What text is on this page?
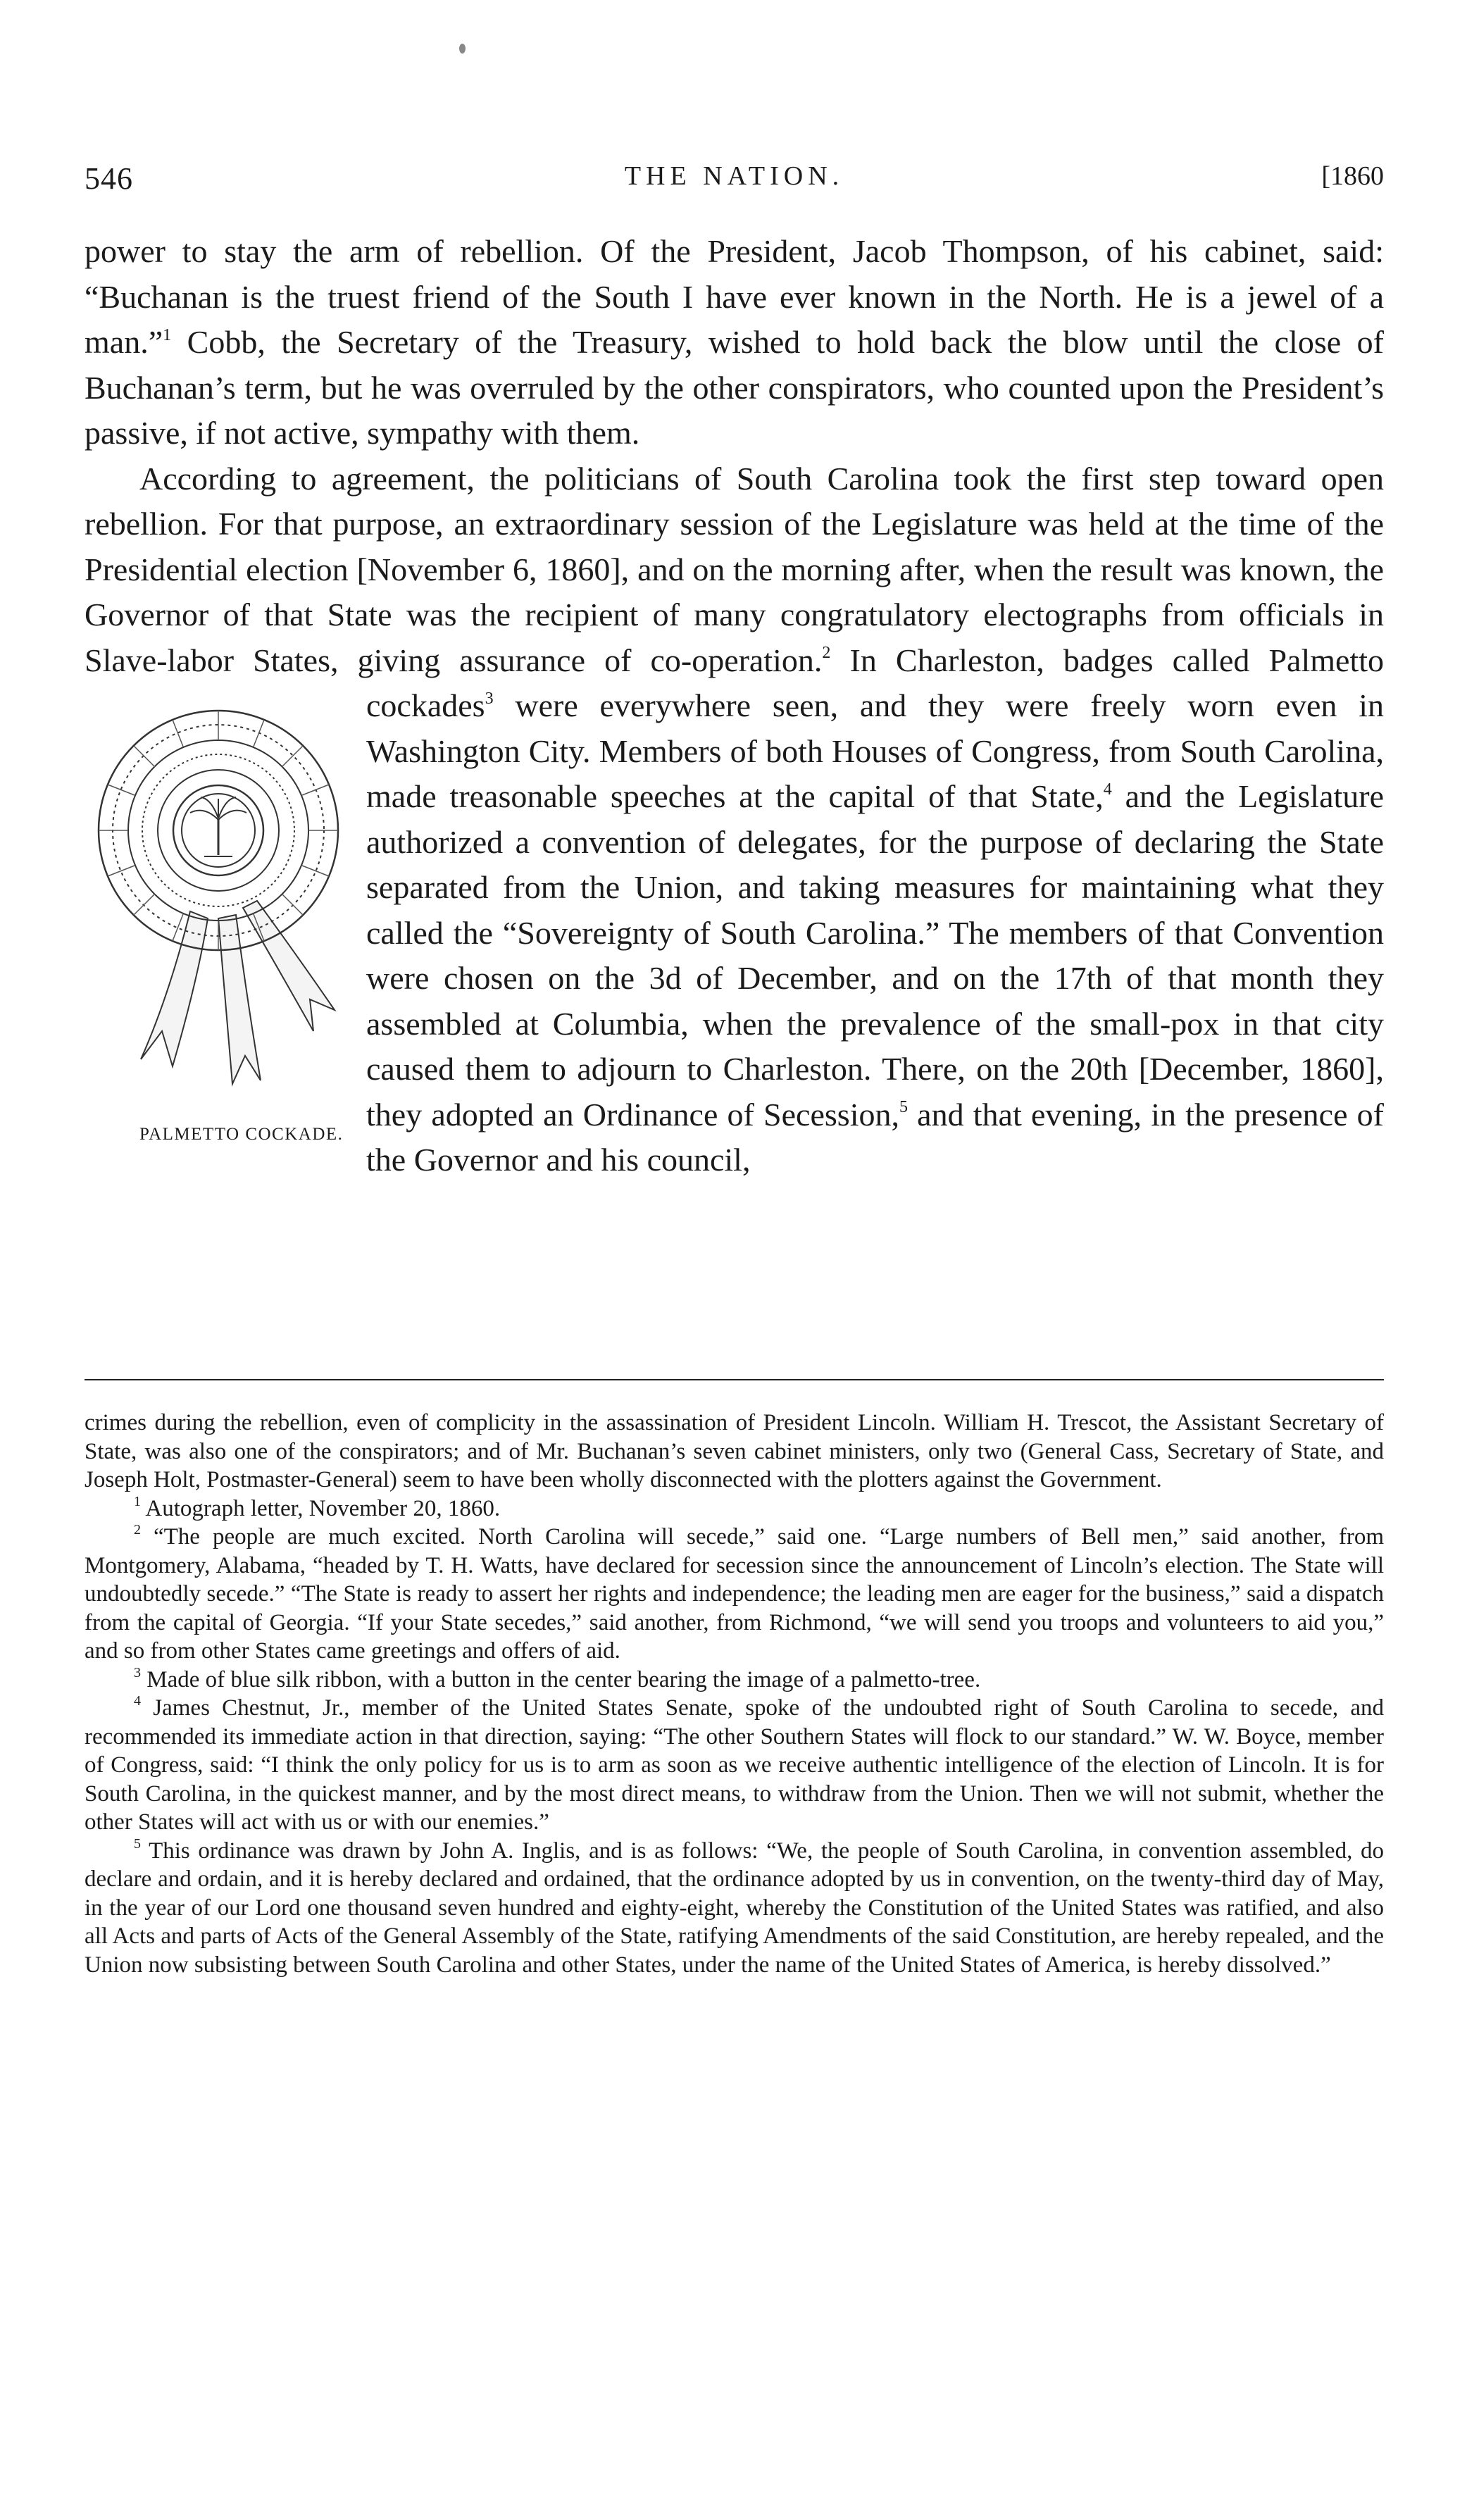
546	THE NATION.	[1860

power to stay the arm of rebellion. Of the President, Jacob Thompson, of his cabinet, said: “Buchanan is the truest friend of the South I have ever known in the North. He is a jewel of a man.”$^1$ Cobb, the Secretary of the Treasury, wished to hold back the blow until the close of Buchanan’s term, but he was overruled by the other conspirators, who counted upon the President’s passive, if not active, sympathy with them.

According to agreement, the politicians of South Carolina took the first step toward open rebellion. For that purpose, an extraordinary session of the Legislature was held at the time of the Presidential election [November 6, 1860], and on the morning after, when the result was known, the Governor of that State was the recipient of many congratulatory electographs from officials in Slave-labor States, giving assurance of co-operation.$^2$ In Charleston, badges called Palmetto cockades$^3$
PALMETTO COCKADE.
were everywhere seen, and they were freely worn even in Washington City. Members of both Houses of Congress, from South Carolina, made treasonable speeches at the capital of that State,$^4$ and the Legislature authorized a convention of delegates, for the purpose of declaring the State separated from the Union, and taking measures for maintaining what they called the “Sovereignty of South Carolina.” The members of that Convention were chosen on the 3d of December, and on the 17th of that month they assembled at Columbia, when the prevalence of the small-pox in that city caused them to adjourn to Charleston. There, on the 20th [December, 1860], they adopted an Ordinance of Secession,$^5$ and that evening, in the presence of the Governor and his council,

crimes during the rebellion, even of complicity in the assassination of President Lincoln. William H. Trescot, the Assistant Secretary of State, was also one of the conspirators; and of Mr. Buchanan’s seven cabinet ministers, only two (General Cass, Secretary of State, and Joseph Holt, Postmaster-General) seem to have been wholly disconnected with the plotters against the Government.

$^1$ Autograph letter, November 20, 1860.

$^2$ “The people are much excited. North Carolina will secede,” said one. “Large numbers of Bell men,” said another, from Montgomery, Alabama, “headed by T. H. Watts, have declared for secession since the announcement of Lincoln’s election. The State will undoubtedly secede.” “The State is ready to assert her rights and independence; the leading men are eager for the business,” said a dispatch from the capital of Georgia. “If your State secedes,” said another, from Richmond, “we will send you troops and volunteers to aid you,” and so from other States came greetings and offers of aid.

$^3$ Made of blue silk ribbon, with a button in the center bearing the image of a palmetto-tree.

$^4$ James Chestnut, Jr., member of the United States Senate, spoke of the undoubted right of South Carolina to secede, and recommended its immediate action in that direction, saying: “The other Southern States will flock to our standard.” W. W. Boyce, member of Congress, said: “I think the only policy for us is to arm as soon as we receive authentic intelligence of the election of Lincoln. It is for South Carolina, in the quickest manner, and by the most direct means, to withdraw from the Union. Then we will not submit, whether the other States will act with us or with our enemies.”

$^5$ This ordinance was drawn by John A. Inglis, and is as follows: “We, the people of South Carolina, in convention assembled, do declare and ordain, and it is hereby declared and ordained, that the ordinance adopted by us in convention, on the twenty-third day of May, in the year of our Lord one thousand seven hundred and eighty-eight, whereby the Constitution of the United States was ratified, and also all Acts and parts of Acts of the General Assembly of the State, ratifying Amendments of the said Constitution, are hereby repealed, and the Union now subsisting between South Carolina and other States, under the name of the United States of America, is hereby dissolved.”
